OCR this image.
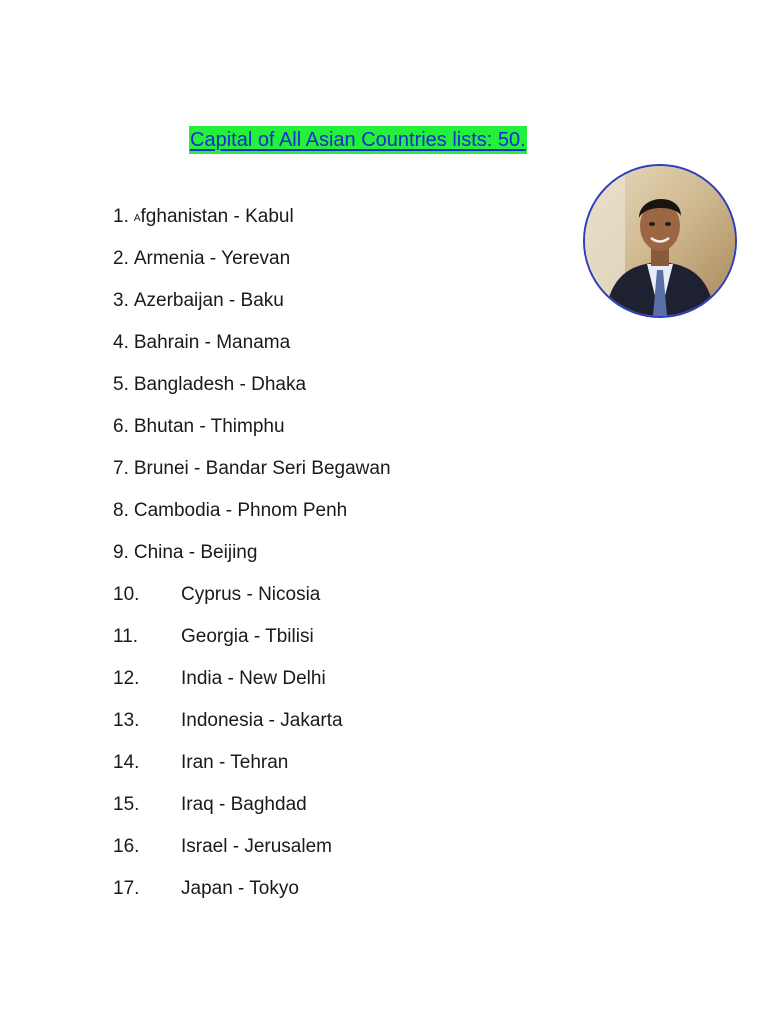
Capital of All Asian Countries lists: 50.
1. Afghanistan - Kabul
2. Armenia - Yerevan
3. Azerbaijan - Baku
4. Bahrain - Manama
5. Bangladesh - Dhaka
6. Bhutan - Thimphu
7. Brunei - Bandar Seri Begawan
8. Cambodia - Phnom Penh
9. China - Beijing
10. Cyprus - Nicosia
11. Georgia - Tbilisi
12. India - New Delhi
13. Indonesia - Jakarta
14. Iran - Tehran
15. Iraq - Baghdad
16. Israel - Jerusalem
17. Japan - Tokyo
